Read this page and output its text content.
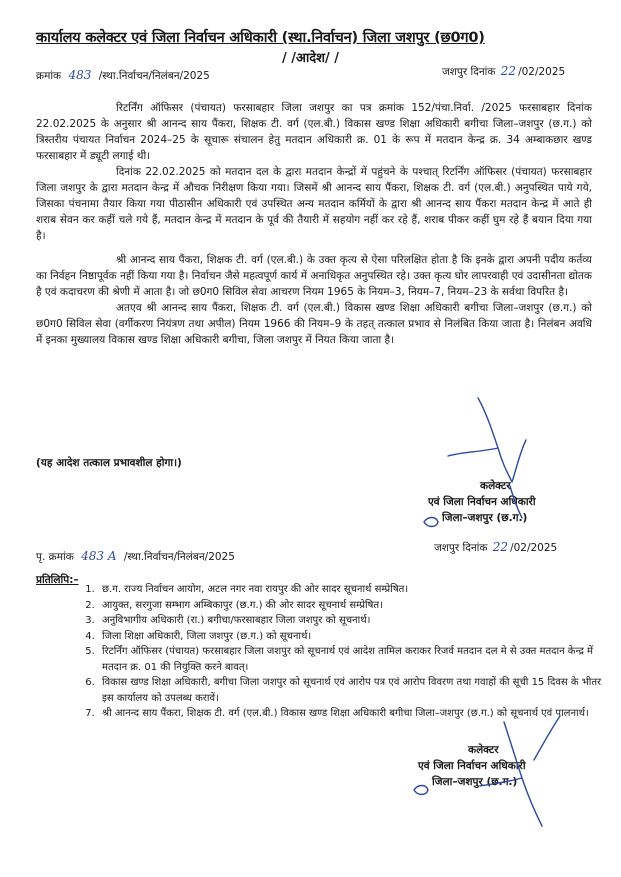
कार्यालय कलेक्टर एवं जिला निर्वाचन अधिकारी (स्था.निर्वाचन) जिला जशपुर (छ0ग0)
/ /आदेश/ /
क्रमांक 483 /स्था.निर्वाचन/निलंबन/2025	जशपुर दिनांक 22 /02/2025

रिटर्निंग ऑफिसर (पंचायत) फरसाबहार जिला जशपुर का पत्र क्रमांक 152/पंचा.निर्वा. /2025 फरसाबहार दिनांक 22.02.2025 के अनुसार श्री आनन्द साय पैंकरा, शिक्षक टी. वर्ग (एल.बी.) विकास खण्ड शिक्षा अधिकारी बगीचा जिला–जशपुर (छ.ग.) को त्रिस्तरीय पंचायत निर्वाचन 2024–25 के सूचारू संचालन हेतु मतदान अधिकारी क्र. 01 के रूप में मतदान केन्द्र क्र. 34 अम्बाकछार खण्ड फरसाबहार में ड्यूटी लगाई थी।

दिनांक 22.02.2025 को मतदान दल के द्वारा मतदान केन्द्रों में पहुंचने के पश्चात् रिटर्निंग ऑफिसर (पंचायत) फरसाबहार जिला जशपुर के द्वारा मतदान केन्द्र में औचक निरीक्षण किया गया। जिसमें श्री आनन्द साय पैंकरा, शिक्षक टी. वर्ग (एल.बी.) अनुपस्थित पाये गये, जिसका पंचनामा तैयार किया गया पीठासीन अधिकारी एवं उपस्थित अन्य मतदान कर्मियों के द्वारा श्री आनन्द साय पैंकरा मतदान केन्द्र में आते ही शराब सेवन कर कहीं चले गये हैं, मतदान केन्द्र में मतदान के पूर्व की तैयारी में सहयोग नहीं कर रहे हैं, शराब पीकर कहीं घुम रहे हैं बयान दिया गया है।

श्री आनन्द साय पैंकरा, शिक्षक टी. वर्ग (एल.बी.) के उक्त कृत्य से ऐसा परिलक्षित होता है कि इनके द्वारा अपनी पदीय कर्तव्य का निर्वहन निष्ठापूर्वक नहीं किया गया है। निर्वाचन जैसे महत्वपूर्ण कार्य में अनाधिकृत अनुपस्थित रहे। उक्त कृत्य घोर लापरवाही एवं उदासीनता द्योतक है एवं कदाचरण की श्रेणी में आता है। जो छ0ग0 सिविल सेवा आचरण नियम 1965 के नियम–3, नियम–7, नियम–23 के सर्वथा विपरित है।

अतएव श्री आनन्द साय पैंकरा, शिक्षक टी. वर्ग (एल.बी.) विकास खण्ड शिक्षा अधिकारी बगीचा जिला–जशपुर (छ.ग.) को छ0ग0 सिविल सेवा (वर्गीकरण नियंत्रण तथा अपील) नियम 1966 की नियम–9 के तहत् तत्काल प्रभाव से निलंबित किया जाता है। निलंबन अवधि में इनका मुख्यालय विकास खण्ड शिक्षा अधिकारी बगीचा, जिला जशपुर में नियत किया जाता है।

(यह आदेश तत्काल प्रभावशील होगा।)
कलेक्टर
एवं जिला निर्वाचन अधिकारी
जिला–जशपुर (छ.ग.)
पृ. क्रमांक 483 A /स्था.निर्वाचन/निलंबन/2025
जशपुर दिनांक 22 /02/2025
प्रतिलिपि:–
1. छ.ग. राज्य निर्वाचन आयोग, अटल नगर नवा रायपुर की ओर सादर सूचनार्थ सम्प्रेषित।
2. आयुक्त, सरगुजा सम्भाग अम्बिकापुर (छ.ग.) की ओर सादर सूचनार्थ सम्प्रेषित।
3. अनुविभागीय अधिकारी (रा.) बगीचा/फरसाबहार जिला जशपुर को सूचनार्थ।
4. जिला शिक्षा अधिकारी, जिला जशपुर (छ.ग.) को सूचनार्थ।
5. रिटर्निंग ऑफिसर (पंचायत) फरसाबहार जिला जशपुर को सूचनार्थ एवं आदेश तामिल कराकर रिजर्व मतदान दल मे से उक्त मतदान केन्द्र में मतदान क्र. 01 की नियुक्ति करने बावत्।
6. विकास खण्ड शिक्षा अधिकारी, बगीचा जिला जशपुर को सूचनार्थ एवं आरोप पत्र एवं आरोप विवरण तथा गवाहों की सूची 15 दिवस के भीतर इस कार्यालय को उपलब्ध करावें।
7. श्री आनन्द साय पैंकरा, शिक्षक टी. वर्ग (एल.बी.) विकास खण्ड शिक्षा अधिकारी बगीचा जिला–जशपुर (छ.ग.) को सूचनार्थ एवं पालनार्थ।
कलेक्टर
एवं जिला निर्वाचन अधिकारी
जिला–जशपुर (छ.ग.)
